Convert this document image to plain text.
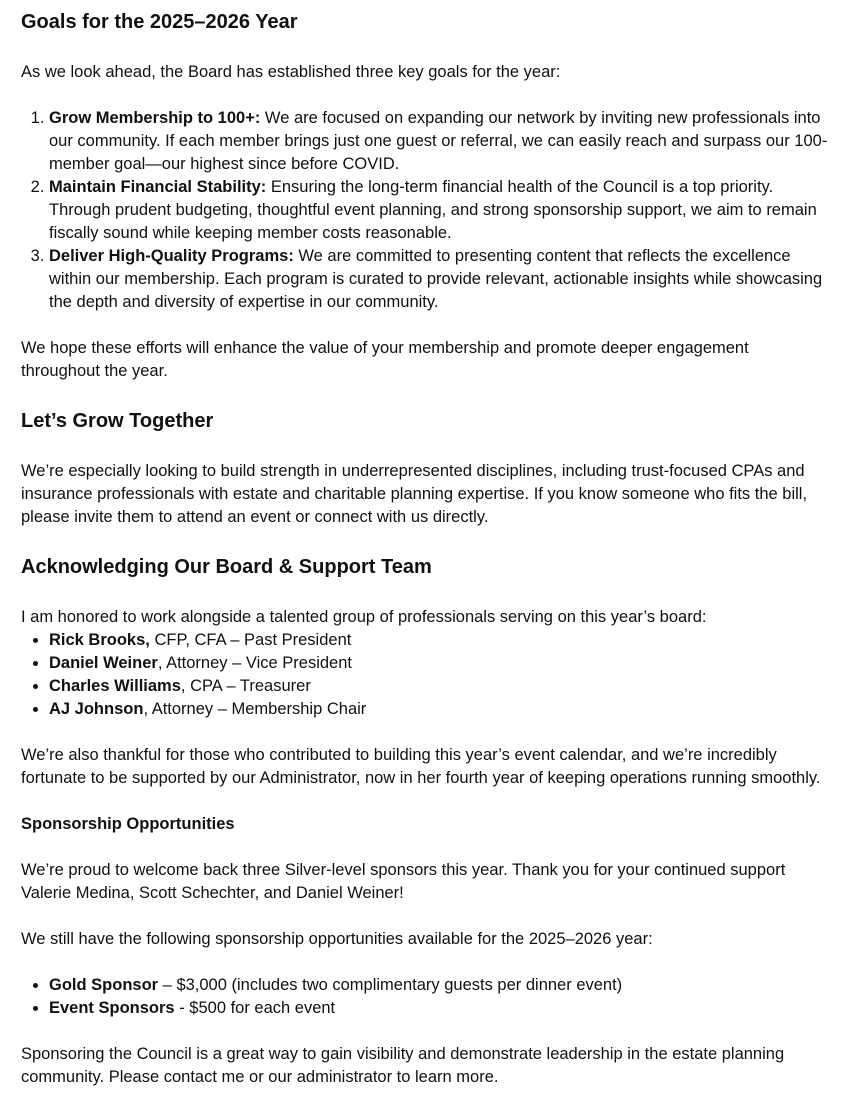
Goals for the 2025–2026 Year

As we look ahead, the Board has established three key goals for the year:

1. Grow Membership to 100+: We are focused on expanding our network by inviting new professionals into our community. If each member brings just one guest or referral, we can easily reach and surpass our 100-member goal—our highest since before COVID.
2. Maintain Financial Stability: Ensuring the long-term financial health of the Council is a top priority. Through prudent budgeting, thoughtful event planning, and strong sponsorship support, we aim to remain fiscally sound while keeping member costs reasonable.
3. Deliver High-Quality Programs: We are committed to presenting content that reflects the excellence within our membership. Each program is curated to provide relevant, actionable insights while showcasing the depth and diversity of expertise in our community.

We hope these efforts will enhance the value of your membership and promote deeper engagement throughout the year.

Let’s Grow Together

We’re especially looking to build strength in underrepresented disciplines, including trust-focused CPAs and insurance professionals with estate and charitable planning expertise. If you know someone who fits the bill, please invite them to attend an event or connect with us directly.

Acknowledging Our Board & Support Team

I am honored to work alongside a talented group of professionals serving on this year’s board:

• Rick Brooks, CFP, CFA – Past President
• Daniel Weiner, Attorney – Vice President
• Charles Williams, CPA – Treasurer
• AJ Johnson, Attorney – Membership Chair

We’re also thankful for those who contributed to building this year’s event calendar, and we’re incredibly fortunate to be supported by our Administrator, now in her fourth year of keeping operations running smoothly.

Sponsorship Opportunities

We’re proud to welcome back three Silver-level sponsors this year. Thank you for your continued support Valerie Medina, Scott Schechter, and Daniel Weiner!

We still have the following sponsorship opportunities available for the 2025–2026 year:

• Gold Sponsor – $3,000 (includes two complimentary guests per dinner event)
• Event Sponsors - $500 for each event

Sponsoring the Council is a great way to gain visibility and demonstrate leadership in the estate planning community. Please contact me or our administrator to learn more.
